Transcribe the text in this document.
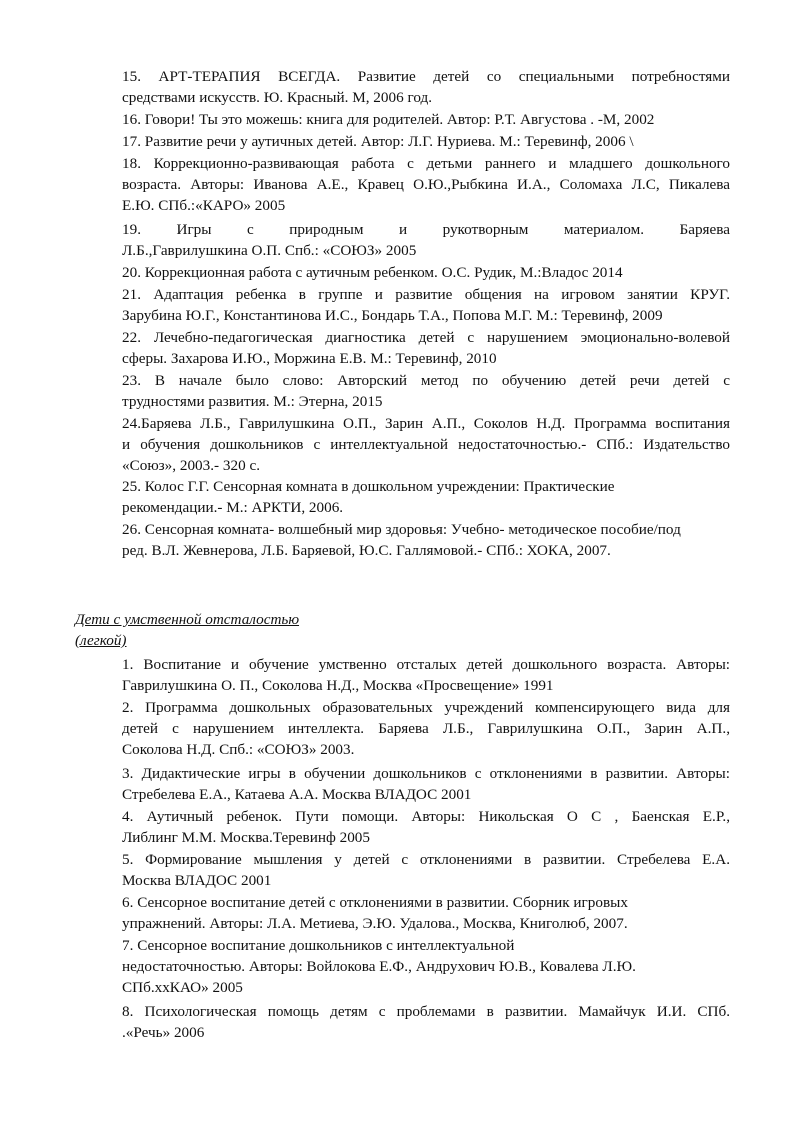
15. АРТ-ТЕРАПИЯ ВСЕГДА. Развитие детей со специальными потребностями
средствами искусств. Ю. Красный. М, 2006 год.
16. Говори! Ты это можешь: книга для родителей. Автор: Р.Т. Августова . -М, 2002
17. Развитие речи у аутичных детей. Автор: Л.Г. Нуриева. М.: Теревинф, 2006 \
18. Коррекционно-развивающая работа с детьми раннего и младшего дошкольного
возраста. Авторы: Иванова А.Е., Кравец О.Ю.,Рыбкина И.А., Соломаха Л.С, Пикалева
Е.Ю. СПб.:«КАРО» 2005
19. Игры с природным и рукотворным материалом. Баряева
Л.Б.,Гаврилушкина О.П. Спб.: «СОЮЗ» 2005
20. Коррекционная работа с аутичным ребенком. О.С. Рудик, М.:Владос 2014
21. Адаптация ребенка в группе и развитие общения на игровом занятии КРУГ.
Зарубина Ю.Г., Константинова И.С., Бондарь Т.А., Попова М.Г. М.: Теревинф, 2009
22. Лечебно-педагогическая диагностика детей с нарушением эмоционально-волевой
сферы. Захарова И.Ю., Моржина Е.В. М.: Теревинф, 2010
23. В начале было слово: Авторский метод по обучению детей речи детей с
трудностями развития. М.: Этерна, 2015
24.Баряева Л.Б., Гаврилушкина О.П., Зарин А.П., Соколов Н.Д. Программа воспитания
и обучения дошкольников с интеллектуальной недостаточностью.- СПб.: Издательство
«Союз», 2003.- 320 с.
25. Колос Г.Г. Сенсорная комната в дошкольном учреждении: Практические
рекомендации.- М.: АРКТИ, 2006.
26. Сенсорная комната- волшебный мир здоровья: Учебно- методическое пособие/под
ред. В.Л. Жевнерова, Л.Б. Баряевой, Ю.С. Галлямовой.- СПб.: ХОКА, 2007.
Дети с умственной отсталостью
(легкой)
1. Воспитание и обучение умственно отсталых детей дошкольного возраста. Авторы:
Гаврилушкина О. П., Соколова Н.Д., Москва «Просвещение» 1991
2. Программа дошкольных образовательных учреждений компенсирующего вида для
детей с нарушением интеллекта. Баряева Л.Б., Гаврилушкина О.П., Зарин А.П.,
Соколова Н.Д. Спб.: «СОЮЗ» 2003.
3. Дидактические игры в обучении дошкольников с отклонениями в развитии. Авторы:
Стребелева Е.А., Катаева А.А. Москва ВЛАДОС 2001
4. Аутичный ребенок. Пути помощи. Авторы: Никольская О С , Баенская Е.Р.,
Либлинг М.М. Москва.Теревинф 2005
5. Формирование мышления у детей с отклонениями в развитии. Стребелева Е.А.
Москва ВЛАДОС 2001
6. Сенсорное воспитание детей с отклонениями в развитии. Сборник игровых
упражнений. Авторы: Л.А. Метиева, Э.Ю. Удалова., Москва, Книголюб, 2007.
7. Сенсорное воспитание дошкольников с интеллектуальной
недостаточностью. Авторы: Войлокова Е.Ф., Андрухович Ю.В., Ковалева Л.Ю.
СПб.ххКАО» 2005
8. Психологическая помощь детям с проблемами в развитии. Мамайчук И.И. СПб.
.«Речь» 2006
